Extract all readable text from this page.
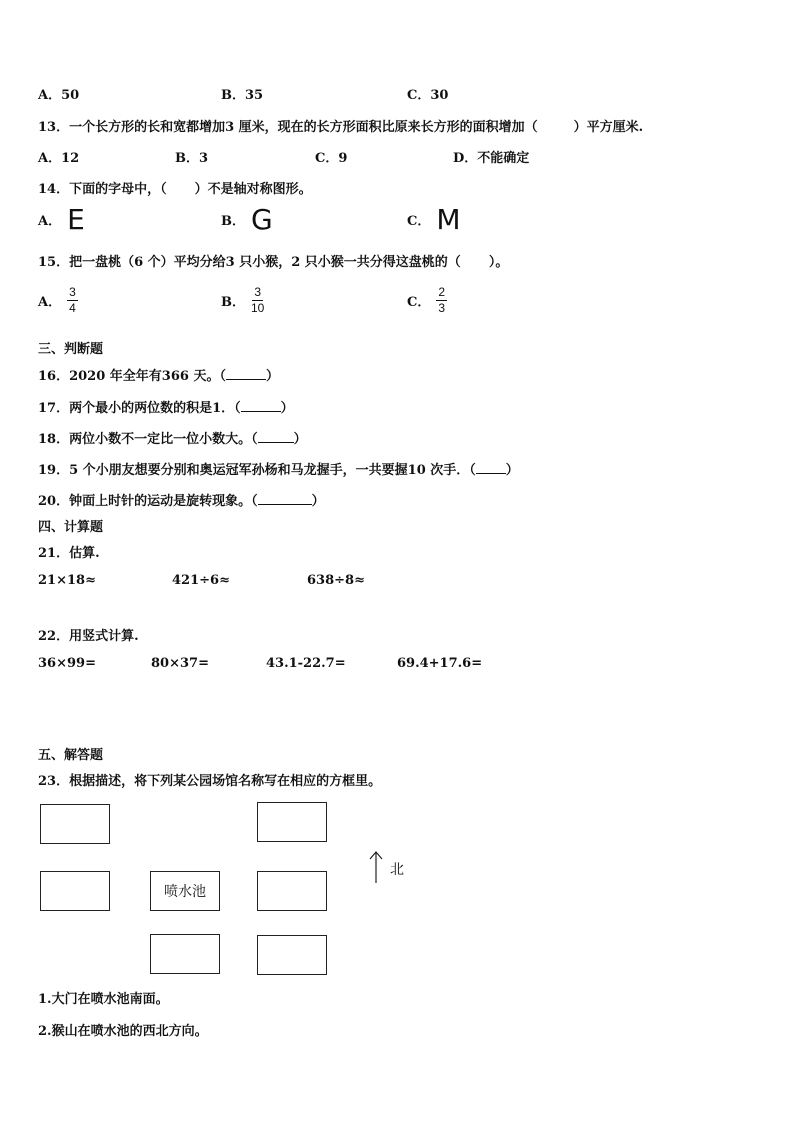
A．50	B．35	C．30
13．一个长方形的长和宽都增加3 厘米，现在的长方形面积比原来长方形的面积增加（	）平方厘米.
A．12	B．3	C．9	D．不能确定
14．下面的字母中，（ ）不是轴对称图形。
A． E	B． G	C． M
15．把一盘桃（6 个）平均分给3 只小猴，2 只小猴一共分得这盘桃的（ ）。
A． $\frac{3}{4}$	B． $\frac{3}{10}$	C． $\frac{2}{3}$
三、判断题
16．2020 年全年有366 天。（	）
17．两个最小的两位数的积是1．（	）
18．两位小数不一定比一位小数大。（	）
19．5 个小朋友想要分别和奥运冠军孙杨和马龙握手，一共要握10 次手．（ ）
20．钟面上时针的运动是旋转现象。（	）
四、计算题
21．估算.
21×18≈	421÷6≈	638÷8≈
22．用竖式计算.
36×99=	80×37=	43.1-22.7=	69.4+17.6=
五、解答题
23．根据描述，将下列某公园场馆名称写在相应的方框里。
喷水池
北
1.大门在喷水池南面。
2.猴山在喷水池的西北方向。
